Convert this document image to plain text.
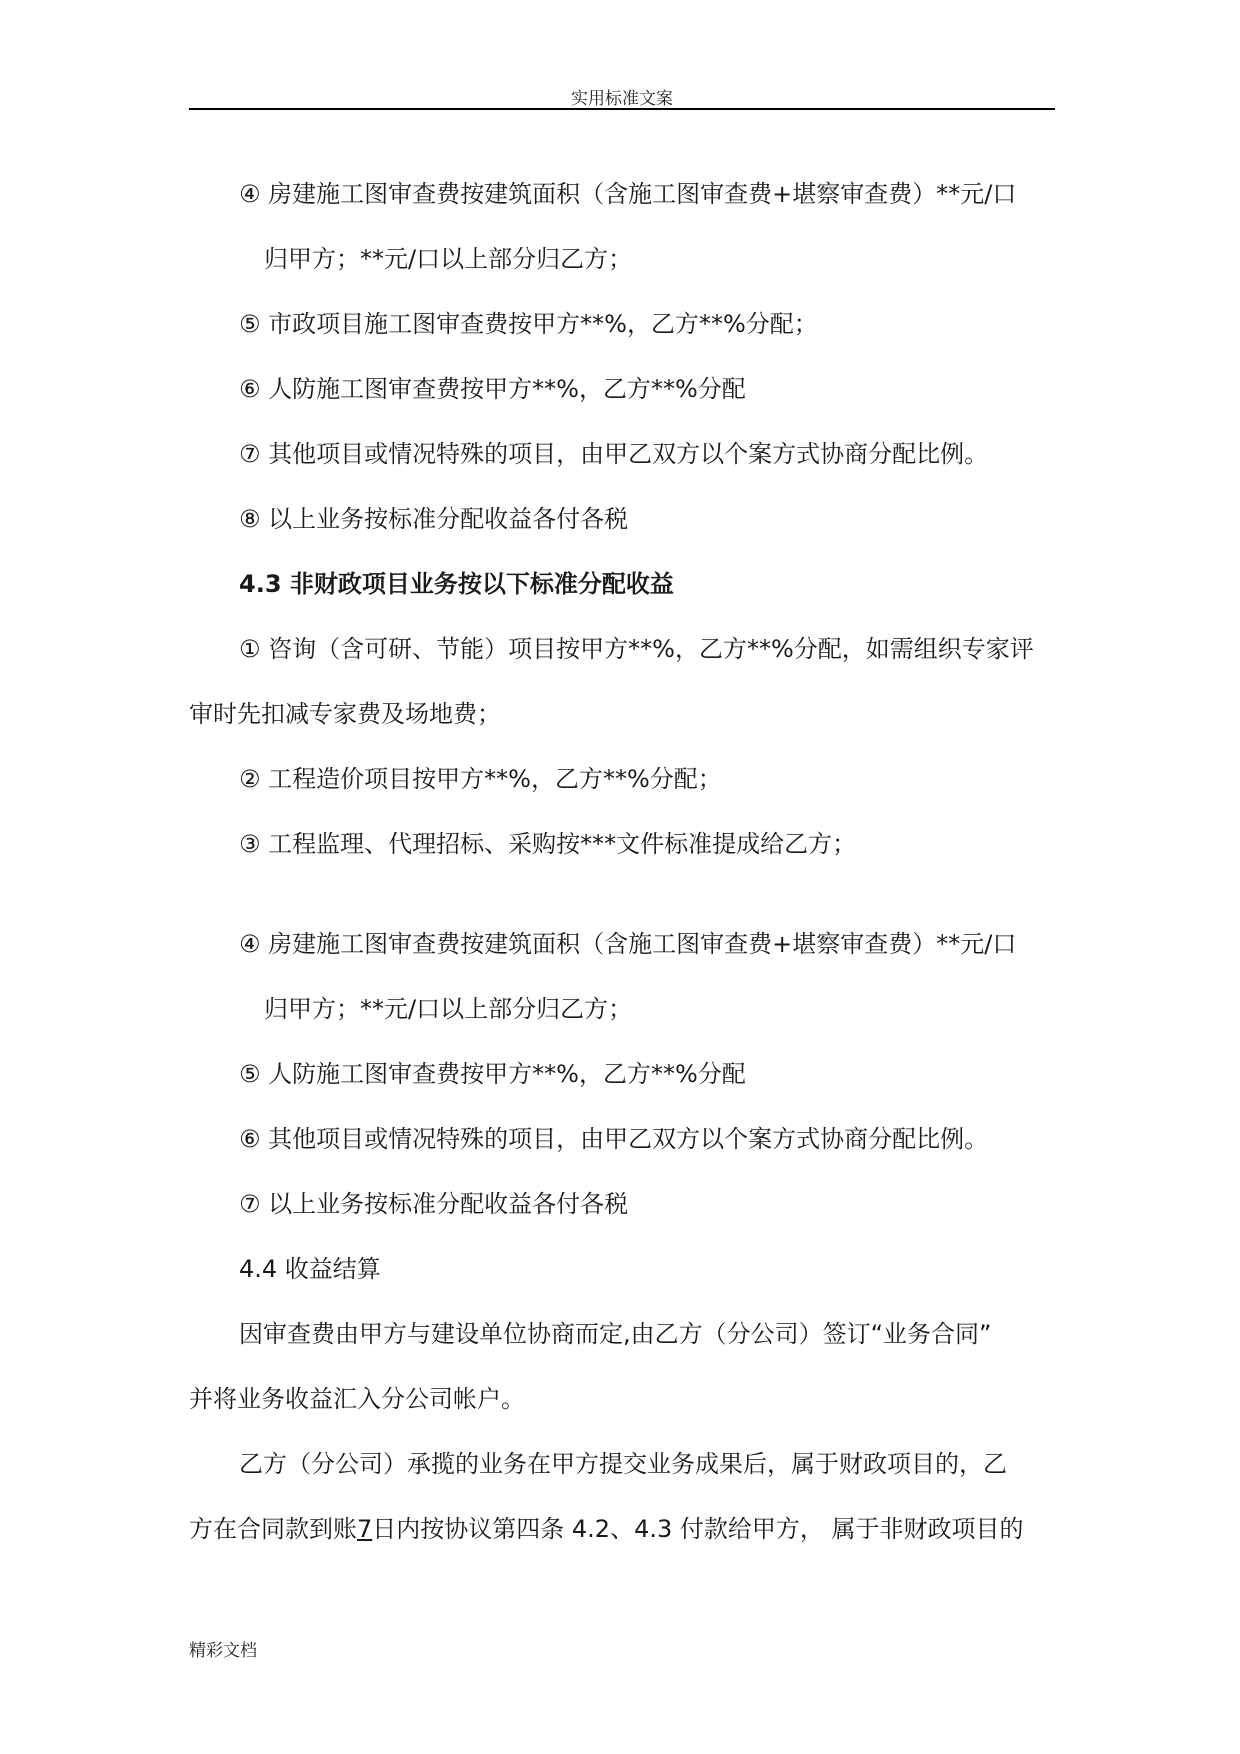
实用标准文案
④ 房建施工图审查费按建筑面积（含施工图审查费+堪察审查费）**元/口
归甲方；**元/口以上部分归乙方；
⑤ 市政项目施工图审查费按甲方**%，乙方**%分配；
⑥ 人防施工图审查费按甲方**%，乙方**%分配
⑦ 其他项目或情况特殊的项目，由甲乙双方以个案方式协商分配比例。
⑧ 以上业务按标准分配收益各付各税
4.3 非财政项目业务按以下标准分配收益
① 咨询（含可研、节能）项目按甲方**%，乙方**%分配，如需组织专家评
审时先扣减专家费及场地费；
② 工程造价项目按甲方**%，乙方**%分配；
③ 工程监理、代理招标、采购按***文件标准提成给乙方；
④ 房建施工图审查费按建筑面积（含施工图审查费+堪察审查费）**元/口
归甲方；**元/口以上部分归乙方；
⑤ 人防施工图审查费按甲方**%，乙方**%分配
⑥ 其他项目或情况特殊的项目，由甲乙双方以个案方式协商分配比例。
⑦ 以上业务按标准分配收益各付各税
4.4 收益结算
因审查费由甲方与建设单位协商而定,由乙方（分公司）签订“业务合同”
并将业务收益汇入分公司帐户。
乙方（分公司）承揽的业务在甲方提交业务成果后，属于财政项目的，乙
方在合同款到账7日内按协议第四条 4.2、4.3 付款给甲方， 属于非财政项目的
精彩文档
